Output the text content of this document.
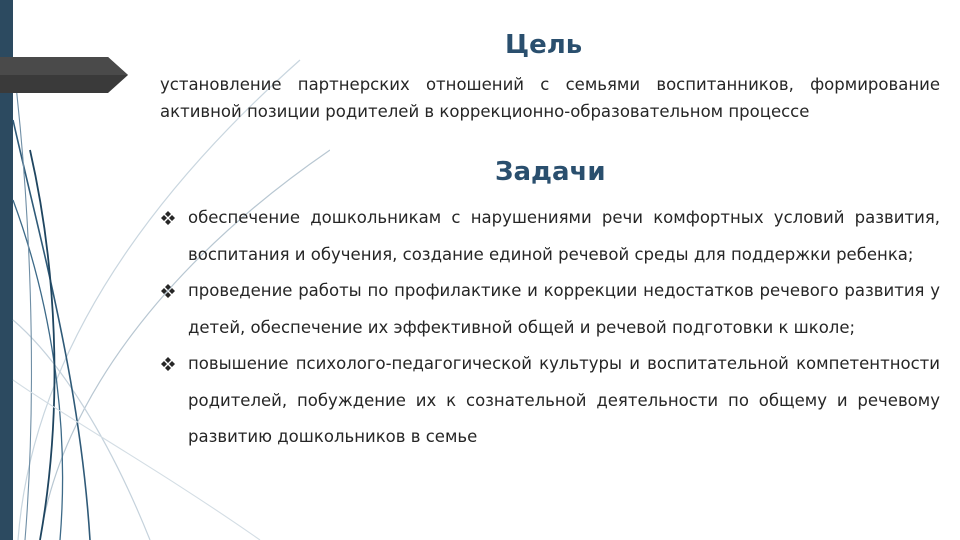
Цель

установление партнерских отношений с семьями воспитанников, формирование активной позиции родителей в коррекционно-образовательном процессе

Задачи
обеспечение дошкольникам с нарушениями речи комфортных условий развития, воспитания и обучения, создание единой речевой среды для поддержки ребенка;
проведение работы по профилактике и коррекции недостатков речевого развития у детей, обеспечение их эффективной общей и речевой подготовки к школе;
повышение психолого-педагогической культуры и воспитательной компетентности родителей, побуждение их к сознательной деятельности по общему и речевому развитию дошкольников в семье
